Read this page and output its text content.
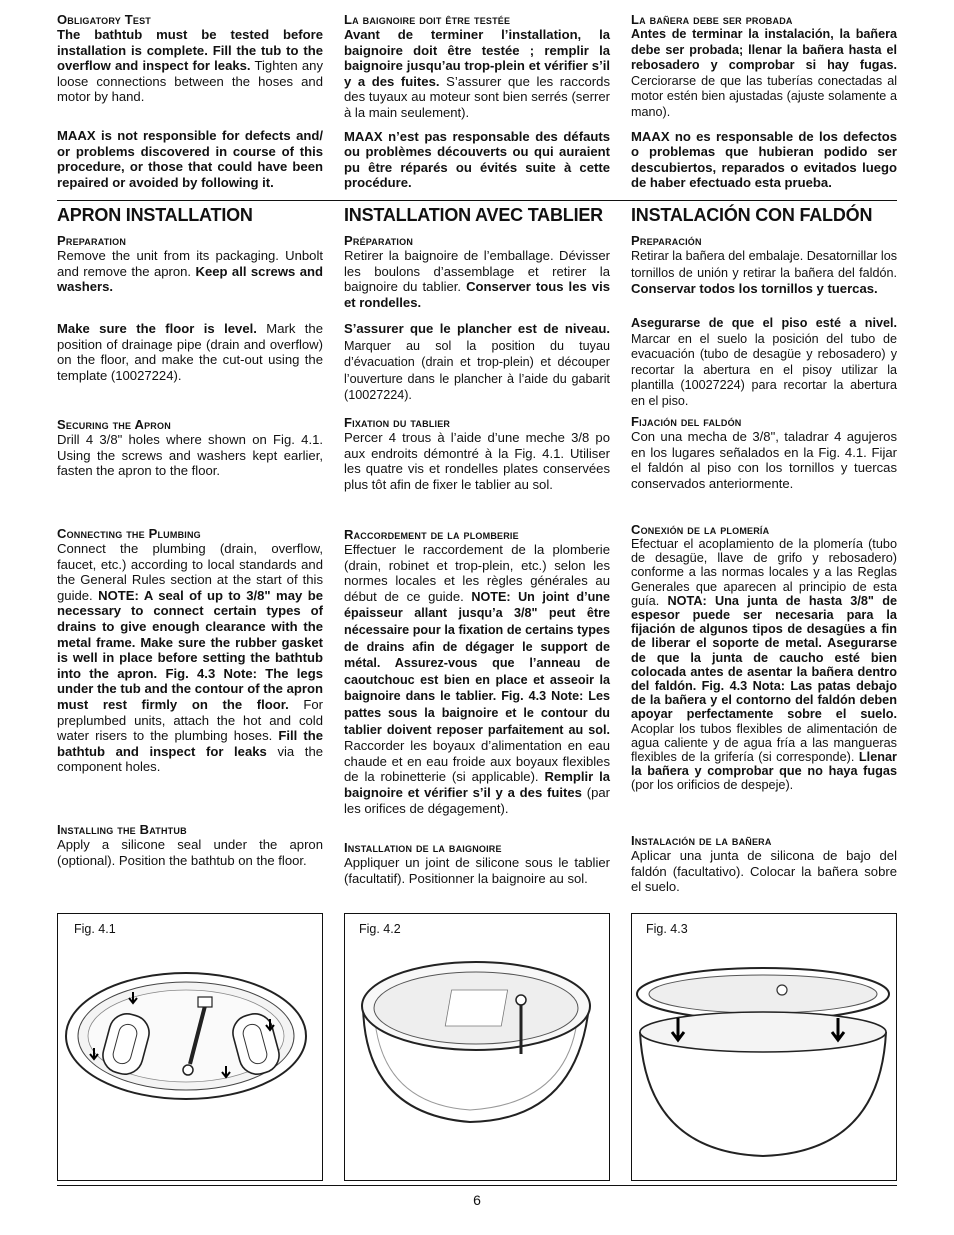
Obligatory Test

The bathtub must be tested before installation is complete. Fill the tub to the overflow and inspect for leaks. Tighten any loose connections between the hoses and motor by hand.

MAAX is not responsible for defects and/ or problems discovered in course of this procedure, or those that could have been repaired or avoided by following it.

La baignoire doit être testée

Avant de terminer l’installation, la baignoire doit être testée ; remplir la baignoire jusqu’au trop-plein et vérifier s’il y a des fuites. S’assurer que les raccords des tuyaux au moteur sont bien serrés (serrer à la main seulement).

MAAX n’est pas responsable des défauts ou problèmes découverts ou qui auraient pu être réparés ou évités suite à cette procédure.

La bañera debe ser probada

Antes de terminar la instalación, la bañera debe ser probada; llenar la bañera hasta el rebosadero y comprobar si hay fugas. Cerciorarse de que las tuberías conectadas al motor estén bien ajustadas (ajuste solamente a mano).

MAAX no es responsable de los defectos o problemas que hubieran podido ser descubiertos, reparados o evitados luego de haber efectuado esta prueba.

APRON INSTALLATION	INSTALLATION AVEC TABLIER INSTALACIÓN CON FALDÓN
Preparation

Remove the unit from its packaging. Unbolt and remove the apron. Keep all screws and washers.

Make sure the floor is level. Mark the position of drainage pipe (drain and overflow) on the floor, and make the cut-out using the template (10027224).

Securing the Apron

Drill 4 3/8" holes where shown on Fig. 4.1. Using the screws and washers kept earlier, fasten the apron to the floor.

Connecting the Plumbing

Connect the plumbing (drain, overflow, faucet, etc.) according to local standards and the General Rules section at the start of this guide. NOTE: A seal of up to 3/8" may be necessary to connect certain types of drains to give enough clearance with the metal frame. Make sure the rubber gasket is well in place before setting the bathtub into the apron. Fig. 4.3 Note: The legs under the tub and the contour of the apron must rest firmly on the floor. For preplumbed units, attach the hot and cold water risers to the plumbing hoses. Fill the bathtub and inspect for leaks via the component holes.

Installing the Bathtub

Apply a silicone seal under the apron (optional). Position the bathtub on the floor.

Préparation

Retirer la baignoire de l’emballage. Dévisser les boulons d’assemblage et retirer la baignoire du tablier. Conserver tous les vis et rondelles.

S’assurer que le plancher est de niveau. Marquer au sol la position du tuyau d’évacuation (drain et trop-plein) et découper l’ouverture dans le plancher à l’aide du gabarit (10027224).

Fixation du tablier

Percer 4 trous à l’aide d’une meche 3/8 po aux endroits démontré à la Fig. 4.1. Utiliser les quatre vis et rondelles plates conservées plus tôt afin de fixer le tablier au sol.

Raccordement de la plomberie

Effectuer le raccordement de la plomberie (drain, robinet et trop-plein, etc.) selon les normes locales et les règles générales au début de ce guide. NOTE: Un joint d’une épaisseur allant jusqu’a 3/8" peut être nécessaire pour la fixation de certains types de drains afin de dégager le support de métal. Assurez-vous que l’anneau de caoutchouc est bien en place et asseoir la baignoire dans le tablier. Fig. 4.3 Note: Les pattes sous la baignoire et le contour du tablier doivent reposer parfaitement au sol. Raccorder les boyaux d’alimentation en eau chaude et en eau froide aux boyaux flexibles de la robinetterie (si applicable). Remplir la baignoire et vérifier s’il y a des fuites (par les orifices de dégagement).

Installation de la baignoire

Appliquer un joint de silicone sous le tablier (facultatif). Positionner la baignoire au sol.

Preparación

Retirar la bañera del embalaje. Desatornillar los tornillos de unión y retirar la bañera del faldón. Conservar todos los tornillos y tuercas.

Asegurarse de que el piso esté a nivel. Marcar en el suelo la posición del tubo de evacuación (tubo de desagüe y rebosadero) y recortar la abertura en el pisoy utilizar la plantilla (10027224) para recortar la abertura en el piso.

Fijación del faldón

Con una mecha de 3/8", taladrar 4 agujeros en los lugares señalados en la Fig. 4.1. Fijar el faldón al piso con los tornillos y tuercas conservados anteriormente.

Conexión de la plomería

Efectuar el acoplamiento de la plomería (tubo de desagüe, llave de grifo y rebosadero) conforme a las normas locales y a las Reglas Generales que aparecen al principio de esta guía. NOTA: Una junta de hasta 3/8" de espesor puede ser necesaria para la fijación de algunos tipos de desagües a fin de liberar el soporte de metal. Asegurarse de que la junta de caucho esté bien colocada antes de asentar la bañera dentro del faldón. Fig. 4.3 Nota: Las patas debajo de la bañera y el contorno del faldón deben apoyar perfectamente sobre el suelo. Acoplar los tubos flexibles de alimentación de agua caliente y de agua fría a las mangueras flexibles de la grifería (si corresponde). Llenar la bañera y comprobar que no haya fugas (por los orificios de despeje).

Instalación de la bañera

Aplicar una junta de silicona de bajo del faldón (facultativo). Colocar la bañera sobre el suelo.

Fig. 4.1	Fig. 4.2	Fig. 4.3
6
